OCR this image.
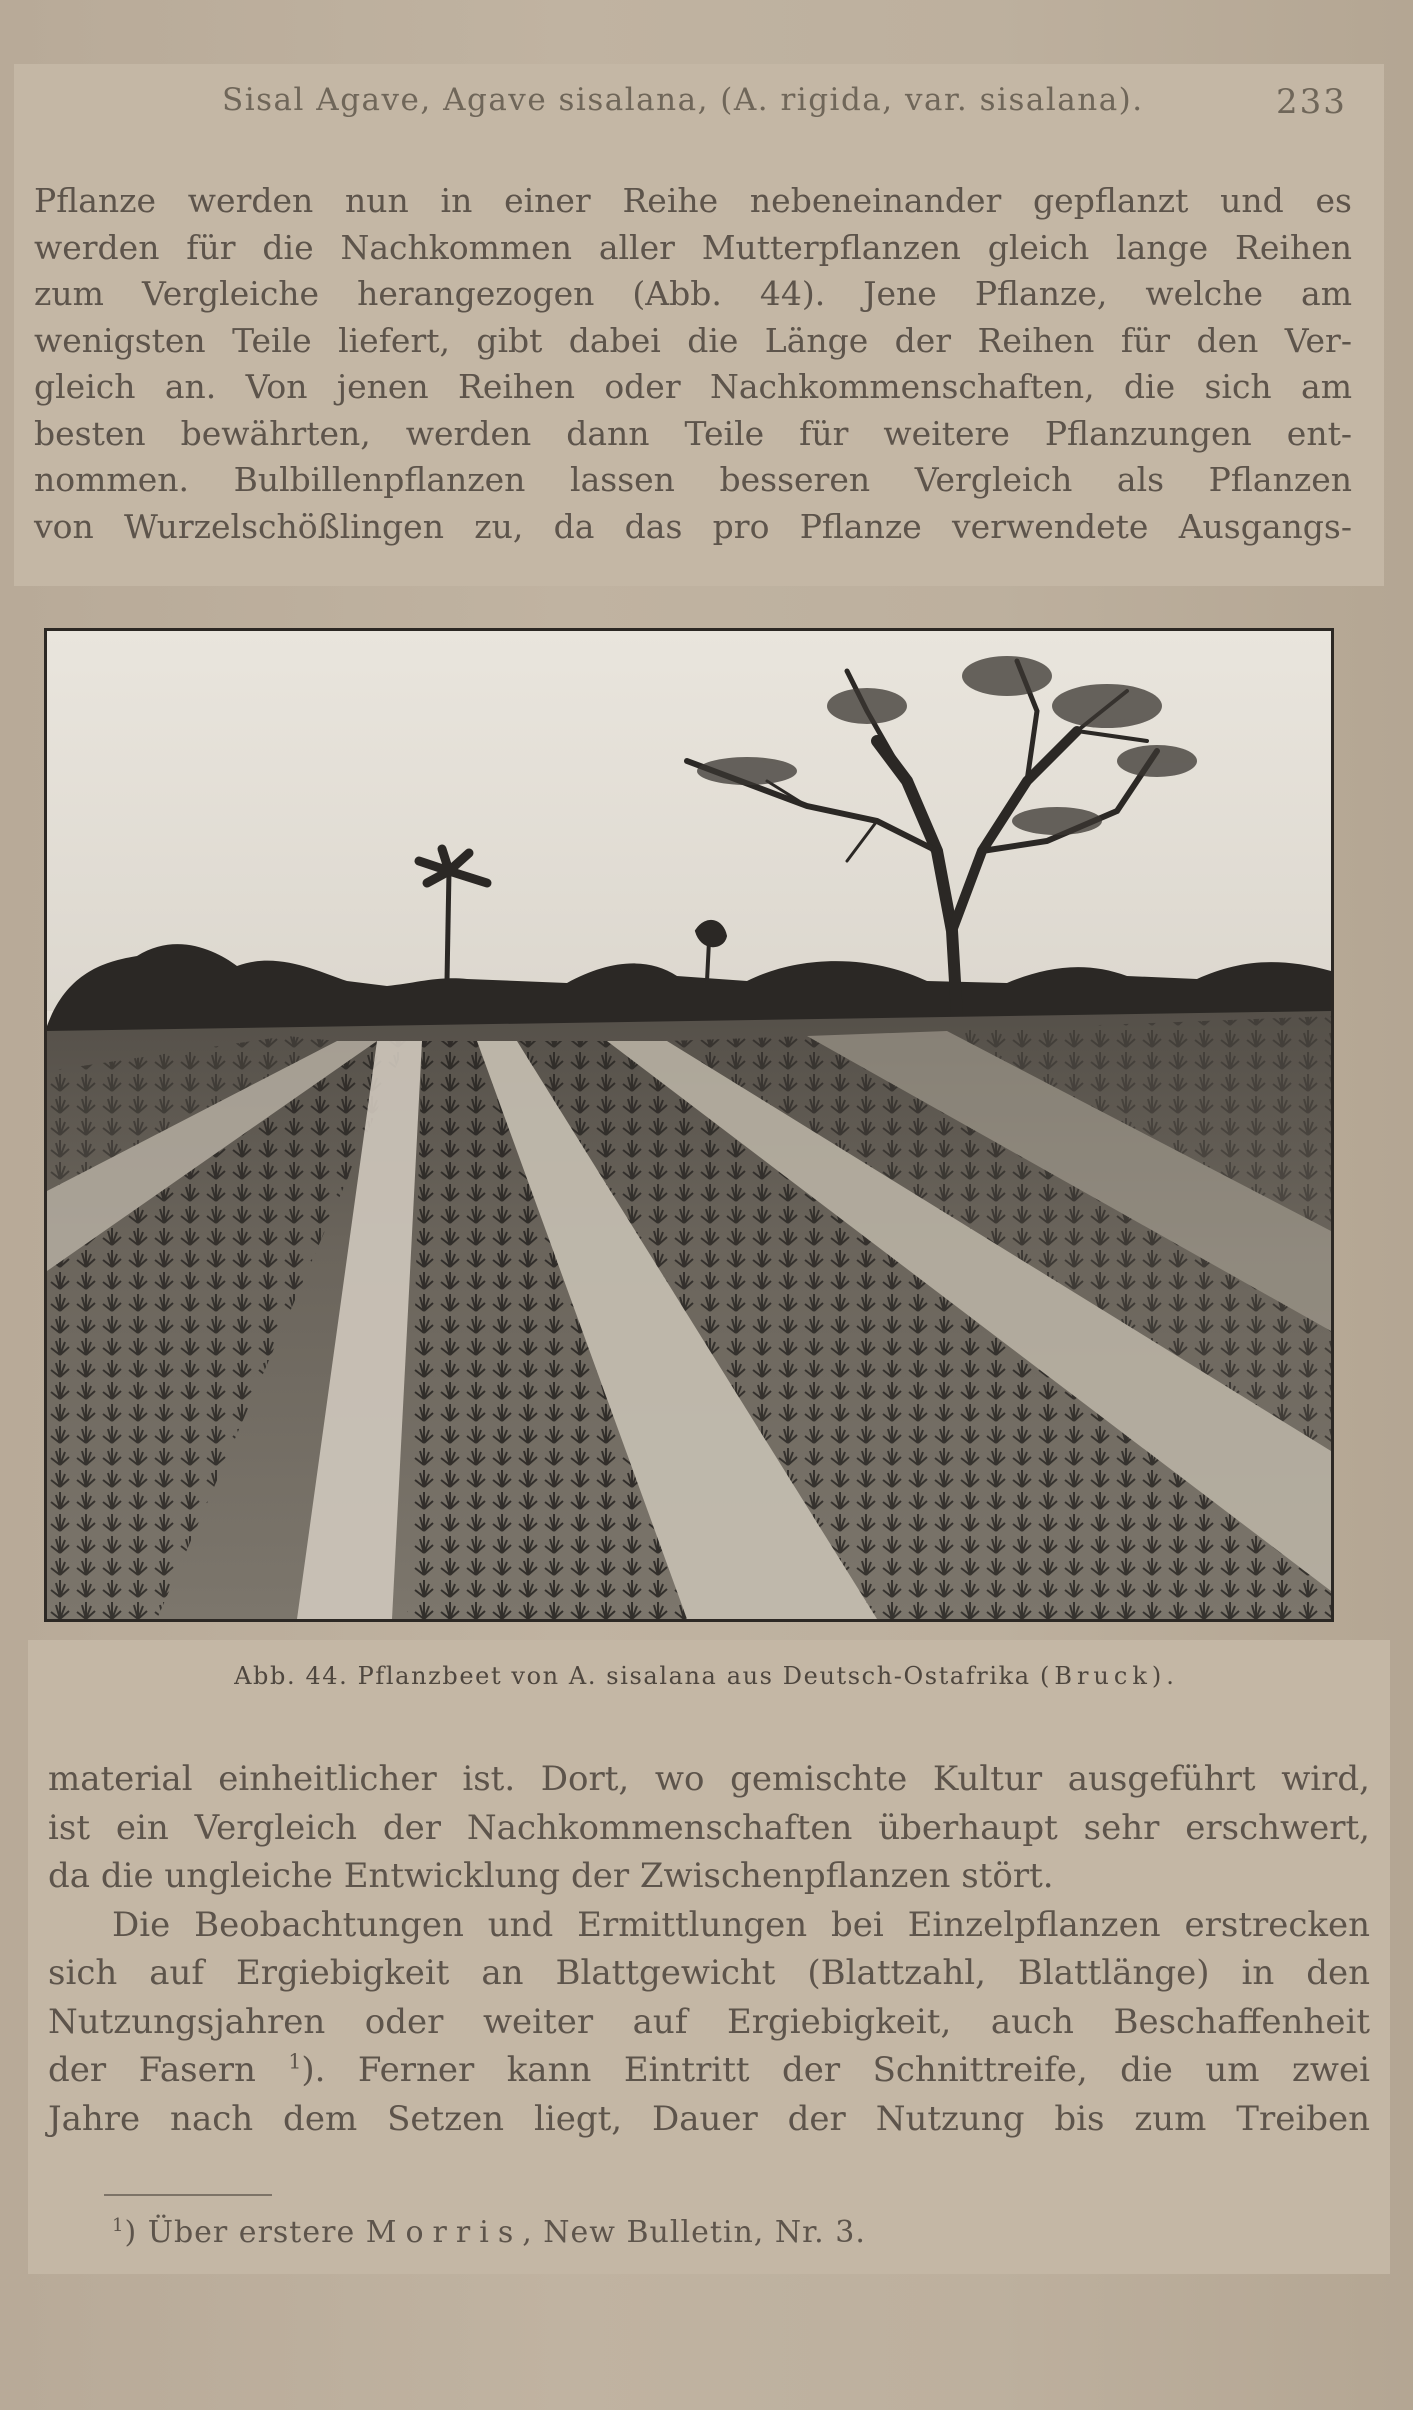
Sisal Agave, Agave sisalana, (A. rigida, var. sisalana).	233
Pflanze werden nun in einer Reihe nebeneinander gepflanzt und es
werden für die Nachkommen aller Mutterpflanzen gleich lange Reihen
zum Vergleiche herangezogen (Abb. 44). Jene Pflanze, welche am
wenigsten Teile liefert, gibt dabei die Länge der Reihen für den Ver-
gleich an. Von jenen Reihen oder Nachkommenschaften, die sich am
besten bewährten, werden dann Teile für weitere Pflanzungen ent-
nommen. Bulbillenpflanzen lassen besseren Vergleich als Pflanzen
von Wurzelschößlingen zu, da das pro Pflanze verwendete Ausgangs-
Abb. 44. Pflanzbeet von A. sisalana aus Deutsch-Ostafrika (Bruck).
material einheitlicher ist. Dort, wo gemischte Kultur ausgeführt wird,
ist ein Vergleich der Nachkommenschaften überhaupt sehr erschwert,
da die ungleiche Entwicklung der Zwischenpflanzen stört.
Die Beobachtungen und Ermittlungen bei Einzelpflanzen erstrecken
sich auf Ergiebigkeit an Blattgewicht (Blattzahl, Blattlänge) in den
Nutzungsjahren oder weiter auf Ergiebigkeit, auch Beschaffenheit
der Fasern $^1$). Ferner kann Eintritt der Schnittreife, die um zwei
Jahre nach dem Setzen liegt, Dauer der Nutzung bis zum Treiben
$^1$) Über erstere Morris, New Bulletin, Nr. 3.
